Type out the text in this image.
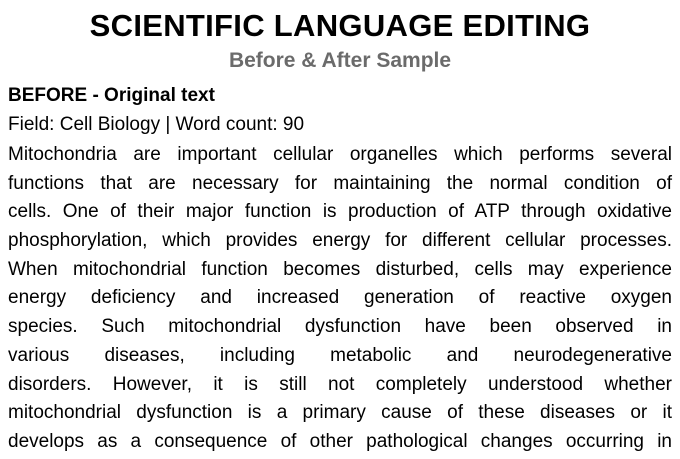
SCIENTIFIC LANGUAGE EDITING
Before & After Sample
BEFORE - Original text
Field: Cell Biology | Word count: 90
Mitochondria are important cellular organelles which performs several
functions that are necessary for maintaining the normal condition of
cells. One of their major function is production of ATP through oxidative
phosphorylation, which provides energy for different cellular processes.
When mitochondrial function becomes disturbed, cells may experience
energy deficiency and increased generation of reactive oxygen
species. Such mitochondrial dysfunction have been observed in
various diseases, including metabolic and neurodegenerative
disorders. However, it is still not completely understood whether
mitochondrial dysfunction is a primary cause of these diseases or it
develops as a consequence of other pathological changes occurring in
